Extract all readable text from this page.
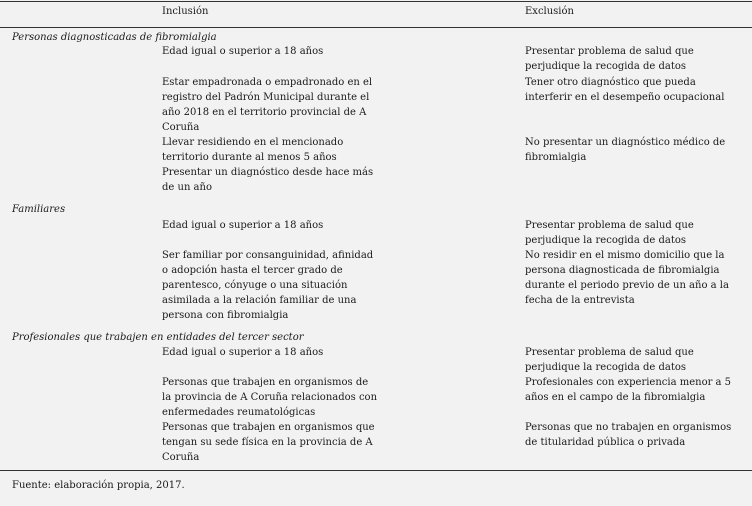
Inclusión	Exclusión
Personas diagnosticadas de fibromialgia
Edad igual o superior a 18 años
Estar empadronada o empadronado en el
registro del Padrón Municipal durante el
año 2018 en el territorio provincial de A
Coruña
Llevar residiendo en el mencionado
territorio durante al menos 5 años
Presentar un diagnóstico desde hace más
de un año
Presentar problema de salud que
perjudique la recogida de datos
Tener otro diagnóstico que pueda
interferir en el desempeño ocupacional
No presentar un diagnóstico médico de
fibromialgia
Familiares
Edad igual o superior a 18 años
Ser familiar por consanguinidad, afinidad
o adopción hasta el tercer grado de
parentesco, cónyuge o una situación
asimilada a la relación familiar de una
persona con fibromialgia
Presentar problema de salud que
perjudique la recogida de datos
No residir en el mismo domicilio que la
persona diagnosticada de fibromialgia
durante el periodo previo de un año a la
fecha de la entrevista
Profesionales que trabajen en entidades del tercer sector
Edad igual o superior a 18 años
Personas que trabajen en organismos de
la provincia de A Coruña relacionados con
enfermedades reumatológicas
Personas que trabajen en organismos que
tengan su sede física en la provincia de A
Coruña
Presentar problema de salud que
perjudique la recogida de datos
Profesionales con experiencia menor a 5
años en el campo de la fibromialgia
Personas que no trabajen en organismos
de titularidad pública o privada
Fuente: elaboración propia, 2017.
